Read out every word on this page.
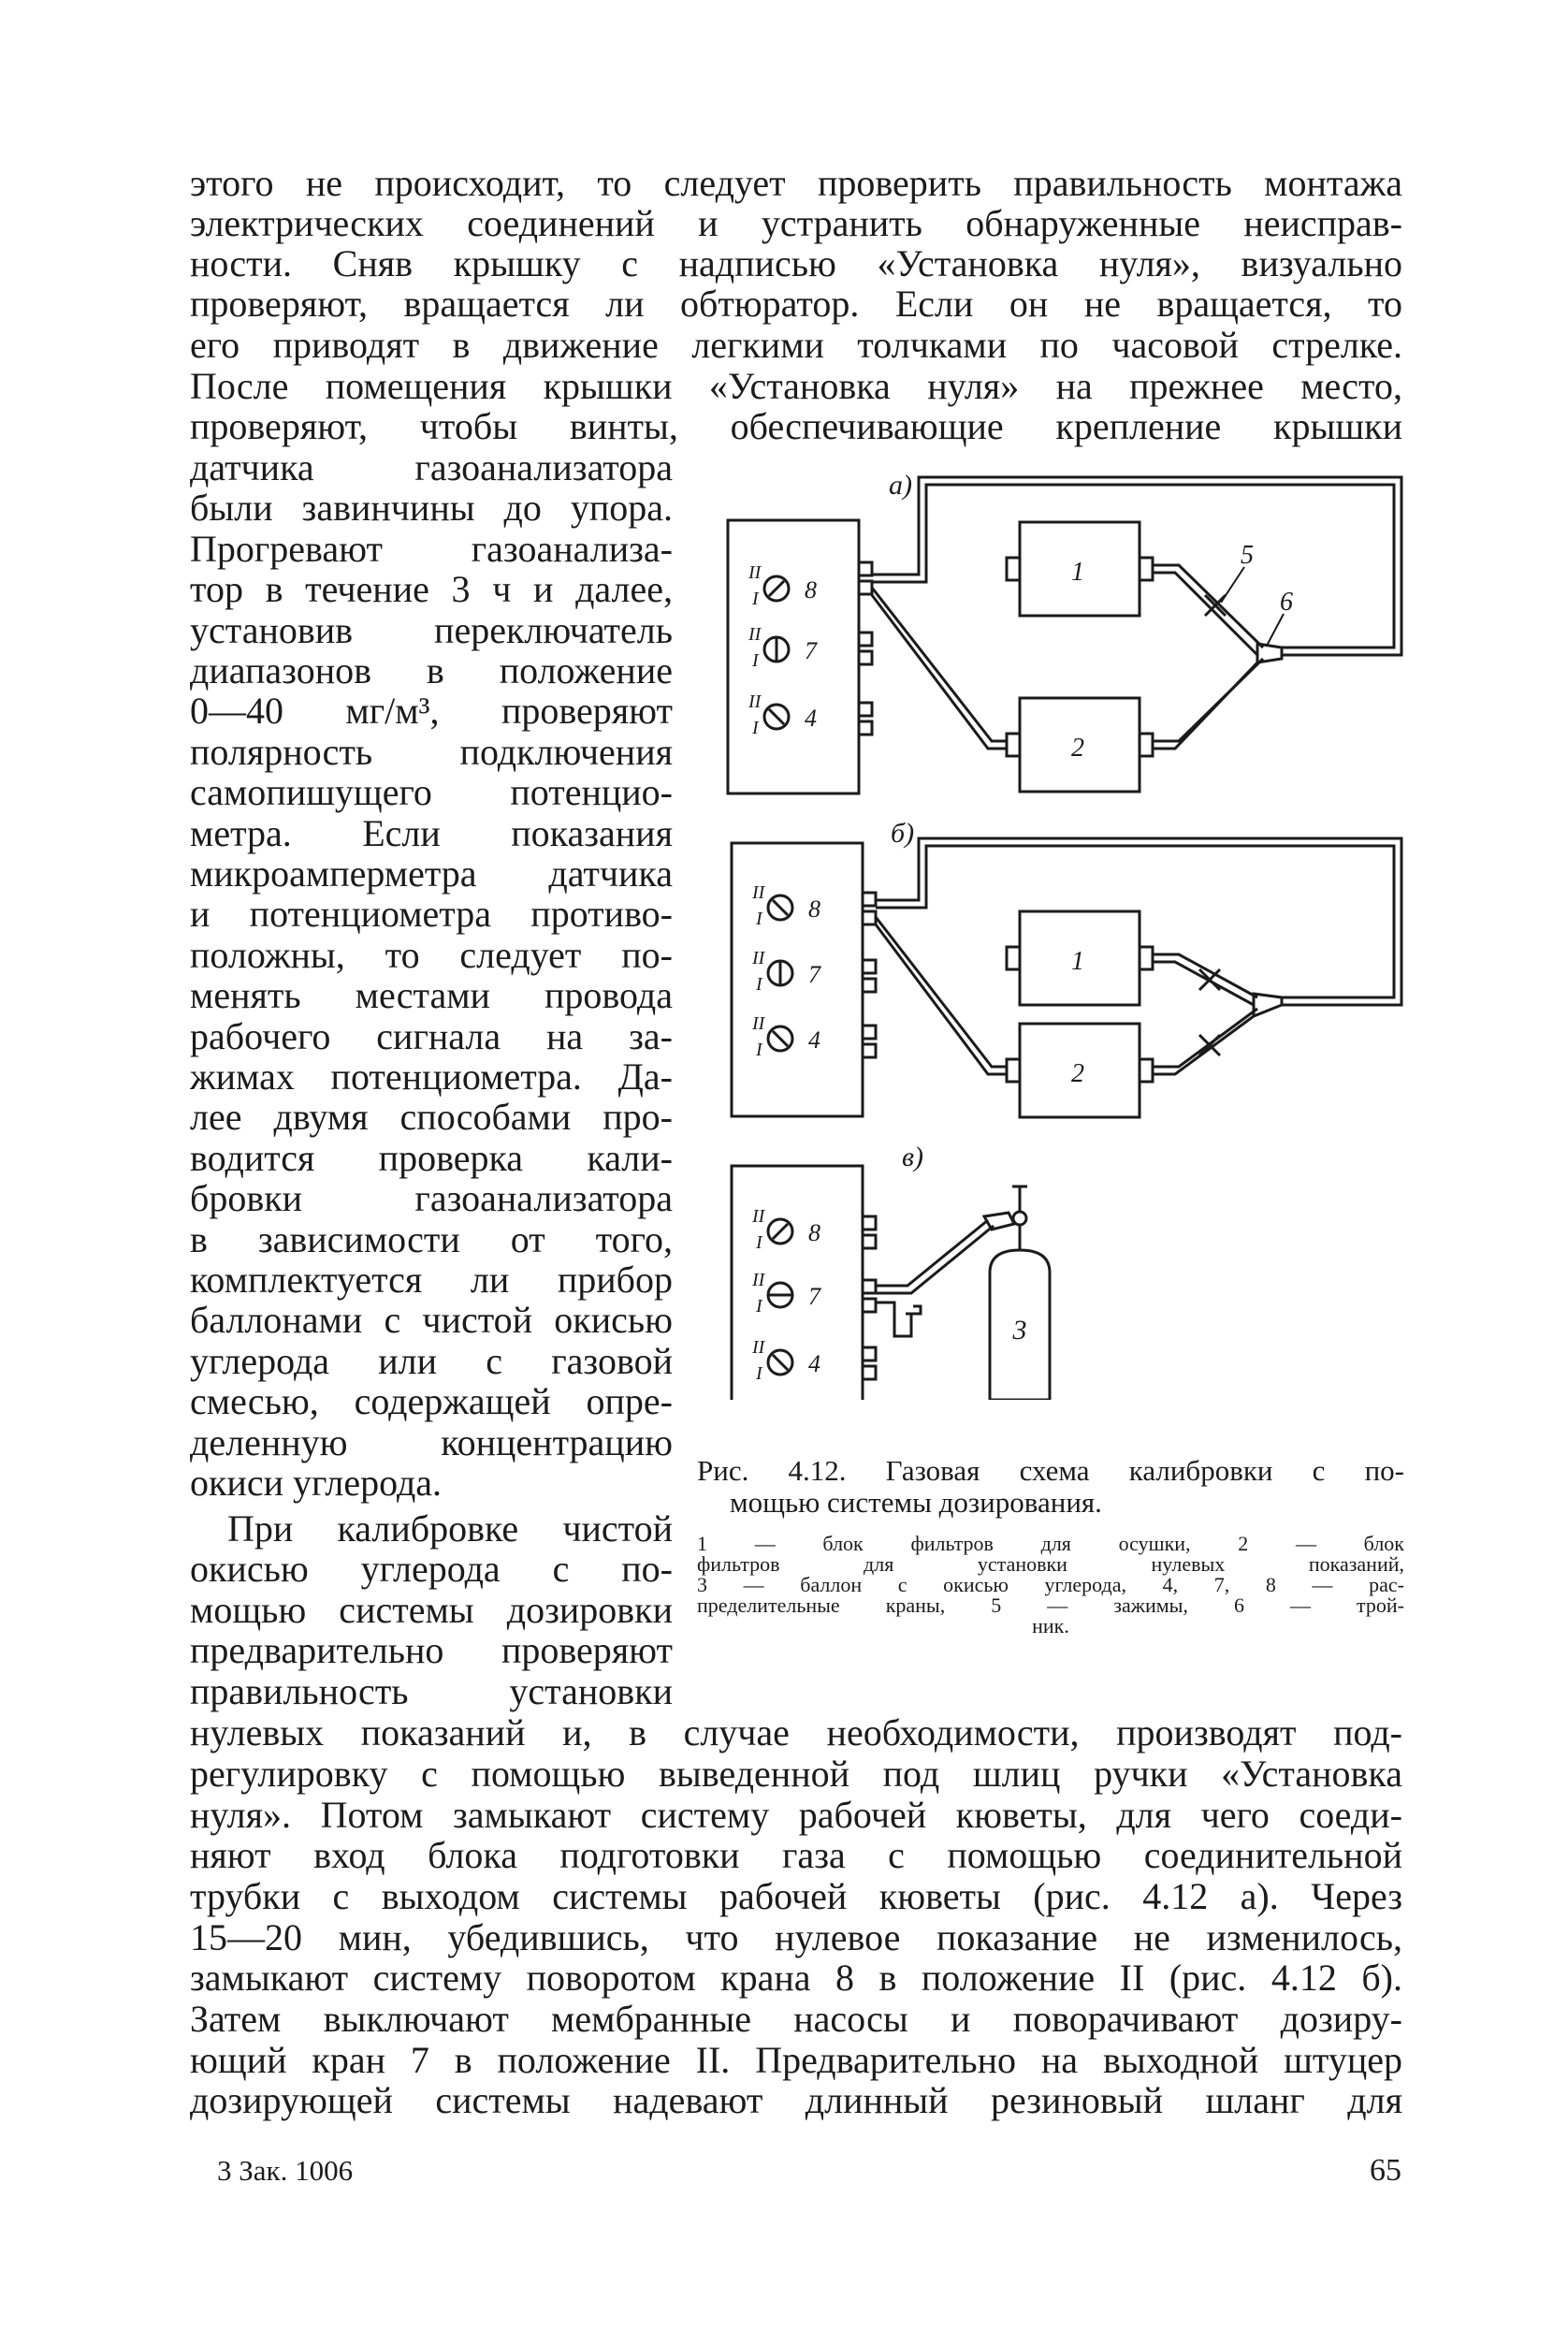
этого не происходит, то следует проверить правильность монтажа
электрических соединений и устранить обнаруженные неисправ-
ности. Сняв крышку с надписью «Установка нуля», визуально
проверяют, вращается ли обтюратор. Если он не вращается, то
его приводят в движение легкими толчками по часовой стрелке.
После помещения крышки «Установка нуля» на прежнее место,
проверяют, чтобы винты, обеспечивающие крепление крышки
датчика газоанализатора
были завинчины до упора.
Прогревают газоанализа-
тор в течение 3 ч и далее,
установив переключатель
диапазонов в положение
0—40 мг/м³, проверяют
полярность подключения
самопишущего потенцио-
метра. Если показания
микроамперметра датчика
и потенциометра противо-
положны, то следует по-
менять местами провода
рабочего сигнала на за-
жимах потенциометра. Да-
лее двумя способами про-
водится проверка кали-
бровки газоанализатора
в зависимости от того,
комплектуется ли прибор
баллонами с чистой окисью
углерода или с газовой
смесью, содержащей опре-
деленную концентрацию
окиси углерода.
При калибровке чистой
окисью углерода с по-
мощью системы дозировки
предварительно проверяют
правильность установки
нулевых показаний и, в случае необходимости, производят под-
регулировку с помощью выведенной под шлиц ручки «Установка
нуля». Потом замыкают систему рабочей кюветы, для чего соеди-
няют вход блока подготовки газа с помощью соединительной
трубки с выходом системы рабочей кюветы (рис. 4.12 а). Через
15—20 мин, убедившись, что нулевое показание не изменилось,
замыкают систему поворотом крана 8 в положение II (рис. 4.12 б).
Затем выключают мембранные насосы и поворачивают дозиру-
ющий кран 7 в положение II. Предварительно на выходной штуцер
дозирующей системы надевают длинный резиновый шланг для
а)
б)
в)
1
2
1
2
3
5
6
8
7
4
8
7
4
8
7
4
II
I
II
I
II
I
II
I
II
I
II
I
II
I
II
I
II
I
Рис. 4.12. Газовая схема калибровки с по-
мощью системы дозирования.
1 — блок фильтров для осушки, 2 — блок
фильтров для установки нулевых показаний,
3 — баллон с окисью углерода, 4, 7, 8 — рас-
пределительные краны, 5 — зажимы, 6 — трой-
ник.
3 Зак. 1006	65
